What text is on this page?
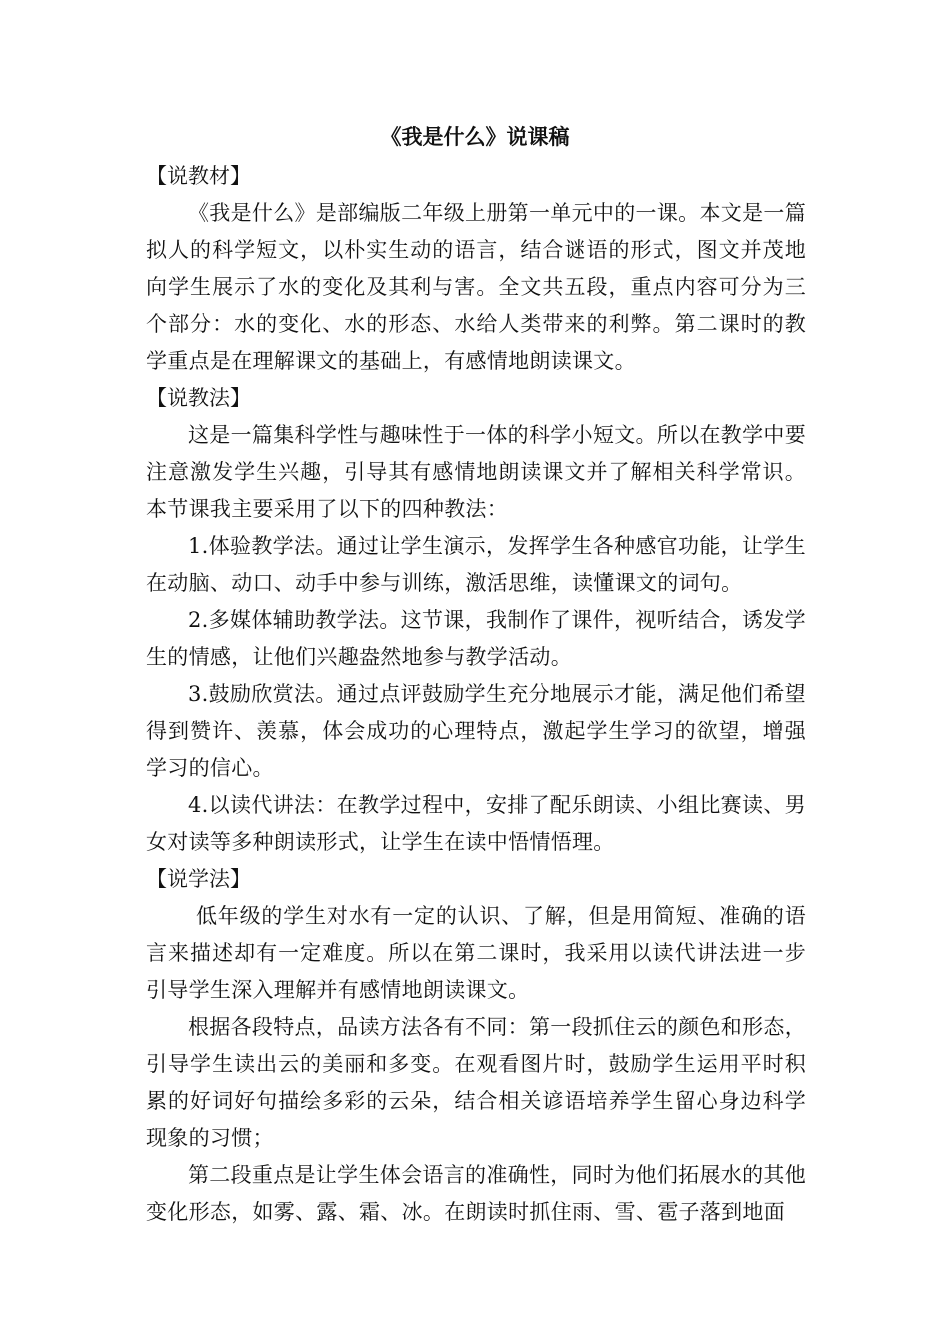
《我是什么》说课稿
【说教材】

《我是什么》是部编版二年级上册第一单元中的一课。本文是一篇拟人的科学短文，以朴实生动的语言，结合谜语的形式，图文并茂地向学生展示了水的变化及其利与害。全文共五段，重点内容可分为三个部分：水的变化、水的形态、水给人类带来的利弊。第二课时的教学重点是在理解课文的基础上，有感情地朗读课文。

【说教法】

这是一篇集科学性与趣味性于一体的科学小短文。所以在教学中要注意激发学生兴趣，引导其有感情地朗读课文并了解相关科学常识。本节课我主要采用了以下的四种教法：

1.体验教学法。通过让学生演示，发挥学生各种感官功能，让学生在动脑、动口、动手中参与训练，激活思维，读懂课文的词句。

2.多媒体辅助教学法。这节课，我制作了课件，视听结合，诱发学生的情感，让他们兴趣盎然地参与教学活动。

3.鼓励欣赏法。通过点评鼓励学生充分地展示才能，满足他们希望得到赞许、羡慕，体会成功的心理特点，激起学生学习的欲望，增强学习的信心。

4.以读代讲法：在教学过程中，安排了配乐朗读、小组比赛读、男女对读等多种朗读形式，让学生在读中悟情悟理。

【说学法】

低年级的学生对水有一定的认识、了解，但是用简短、准确的语言来描述却有一定难度。所以在第二课时，我采用以读代讲法进一步引导学生深入理解并有感情地朗读课文。

根据各段特点，品读方法各有不同：第一段抓住云的颜色和形态，引导学生读出云的美丽和多变。在观看图片时，鼓励学生运用平时积累的好词好句描绘多彩的云朵，结合相关谚语培养学生留心身边科学现象的习惯；

第二段重点是让学生体会语言的准确性，同时为他们拓展水的其他变化形态，如雾、露、霜、冰。在朗读时抓住雨、雪、雹子落到地面
